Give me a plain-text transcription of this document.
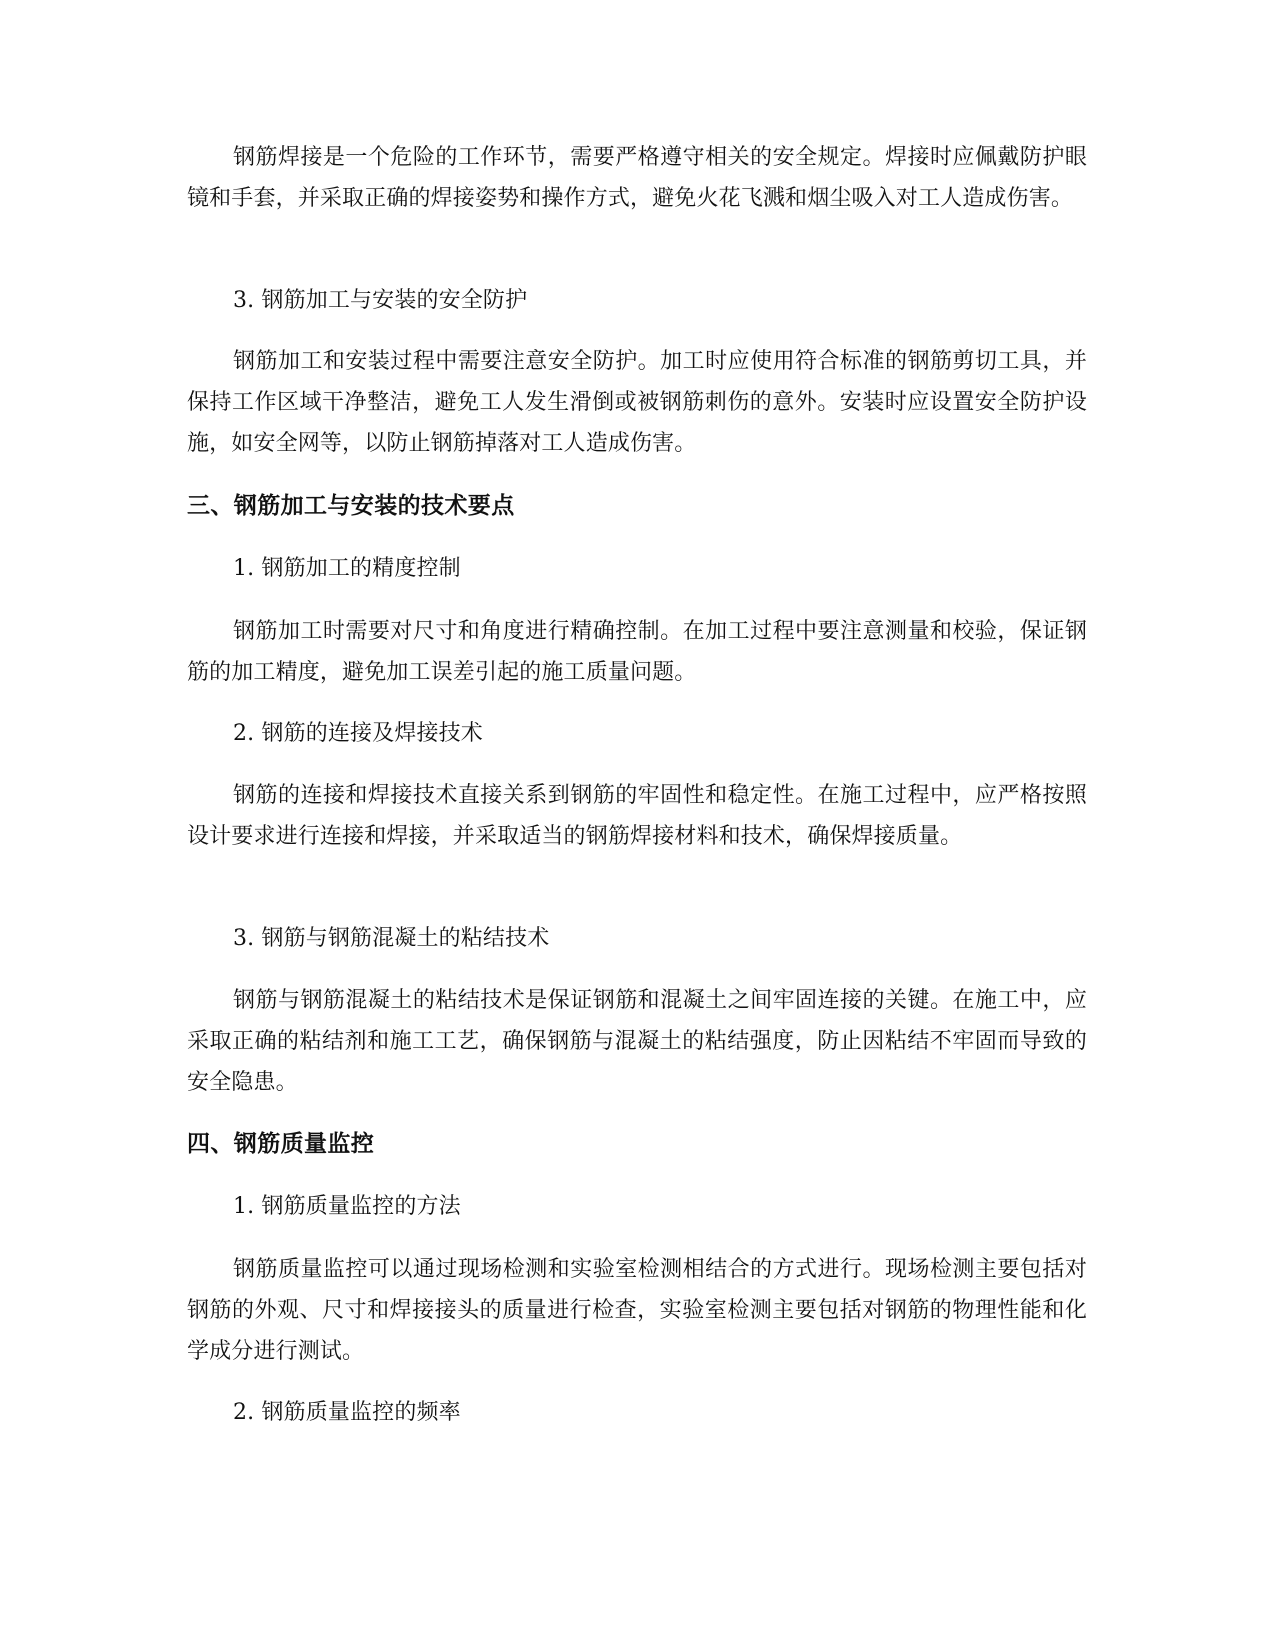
钢筋焊接是一个危险的工作环节，需要严格遵守相关的安全规定。焊接时应佩戴防护眼镜和手套，并采取正确的焊接姿势和操作方式，避免火花飞溅和烟尘吸入对工人造成伤害。

3. 钢筋加工与安装的安全防护

钢筋加工和安装过程中需要注意安全防护。加工时应使用符合标准的钢筋剪切工具，并保持工作区域干净整洁，避免工人发生滑倒或被钢筋刺伤的意外。安装时应设置安全防护设施，如安全网等，以防止钢筋掉落对工人造成伤害。

三、钢筋加工与安装的技术要点

1. 钢筋加工的精度控制

钢筋加工时需要对尺寸和角度进行精确控制。在加工过程中要注意测量和校验，保证钢筋的加工精度，避免加工误差引起的施工质量问题。

2. 钢筋的连接及焊接技术

钢筋的连接和焊接技术直接关系到钢筋的牢固性和稳定性。在施工过程中，应严格按照设计要求进行连接和焊接，并采取适当的钢筋焊接材料和技术，确保焊接质量。

3. 钢筋与钢筋混凝土的粘结技术

钢筋与钢筋混凝土的粘结技术是保证钢筋和混凝土之间牢固连接的关键。在施工中，应采取正确的粘结剂和施工工艺，确保钢筋与混凝土的粘结强度，防止因粘结不牢固而导致的安全隐患。

四、钢筋质量监控

1. 钢筋质量监控的方法

钢筋质量监控可以通过现场检测和实验室检测相结合的方式进行。现场检测主要包括对钢筋的外观、尺寸和焊接接头的质量进行检查，实验室检测主要包括对钢筋的物理性能和化学成分进行测试。

2. 钢筋质量监控的频率
